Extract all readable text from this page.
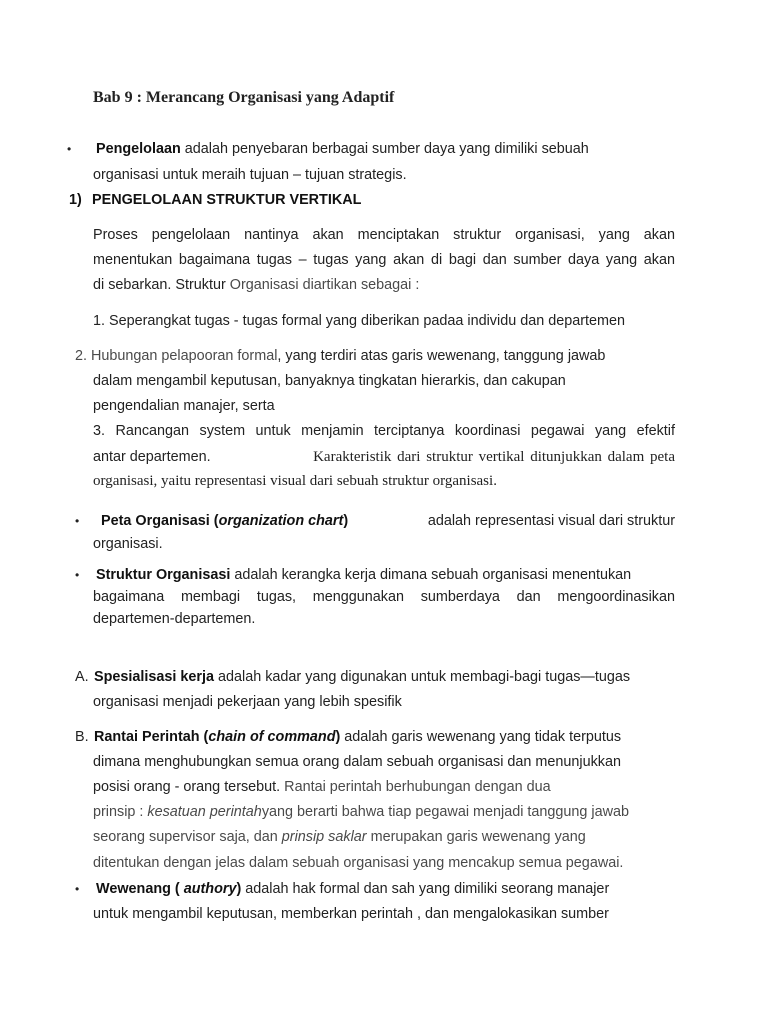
Bab 9 : Merancang Organisasi yang Adaptif
• Pengelolaan adalah penyebaran berbagai sumber daya yang dimiliki sebuah
organisasi untuk meraih tujuan – tujuan strategis.
1) PENGELOLAAN STRUKTUR VERTIKAL
Proses pengelolaan nantinya akan menciptakan struktur organisasi, yang akan
menentukan bagaimana tugas – tugas yang akan di bagi dan sumber daya yang akan
di sebarkan. Struktur Organisasi diartikan sebagai :
1. Seperangkat tugas - tugas formal yang diberikan padaa individu dan departemen
2. Hubungan pelapooran formal, yang terdiri atas garis wewenang, tanggung jawab
dalam mengambil keputusan, banyaknya tingkatan hierarkis, dan cakupan
pengendalian manajer, serta
3. Rancangan system untuk menjamin terciptanya koordinasi pegawai yang efektif
antar departemen.	Karakteristik dari struktur vertikal ditunjukkan dalam peta
organisasi, yaitu representasi visual dari sebuah struktur organisasi.
• Peta Organisasi (organization chart)	adalah representasi visual dari struktur
organisasi.
• Struktur Organisasi adalah kerangka kerja dimana sebuah organisasi menentukan
bagaimana membagi tugas, menggunakan sumberdaya dan mengoordinasikan
departemen-departemen.
A. Spesialisasi kerja adalah kadar yang digunakan untuk membagi-bagi tugas—tugas
organisasi menjadi pekerjaan yang lebih spesifik
B. Rantai Perintah (chain of command) adalah garis wewenang yang tidak terputus
dimana menghubungkan semua orang dalam sebuah organisasi dan menunjukkan
posisi orang - orang tersebut. Rantai perintah berhubungan dengan dua
prinsip : kesatuan perintahyang berarti bahwa tiap pegawai menjadi tanggung jawab
seorang supervisor saja, dan prinsip saklar merupakan garis wewenang yang
ditentukan dengan jelas dalam sebuah organisasi yang mencakup semua pegawai.
• Wewenang ( authory) adalah hak formal dan sah yang dimiliki seorang manajer
untuk mengambil keputusan, memberkan perintah , dan mengalokasikan sumber
